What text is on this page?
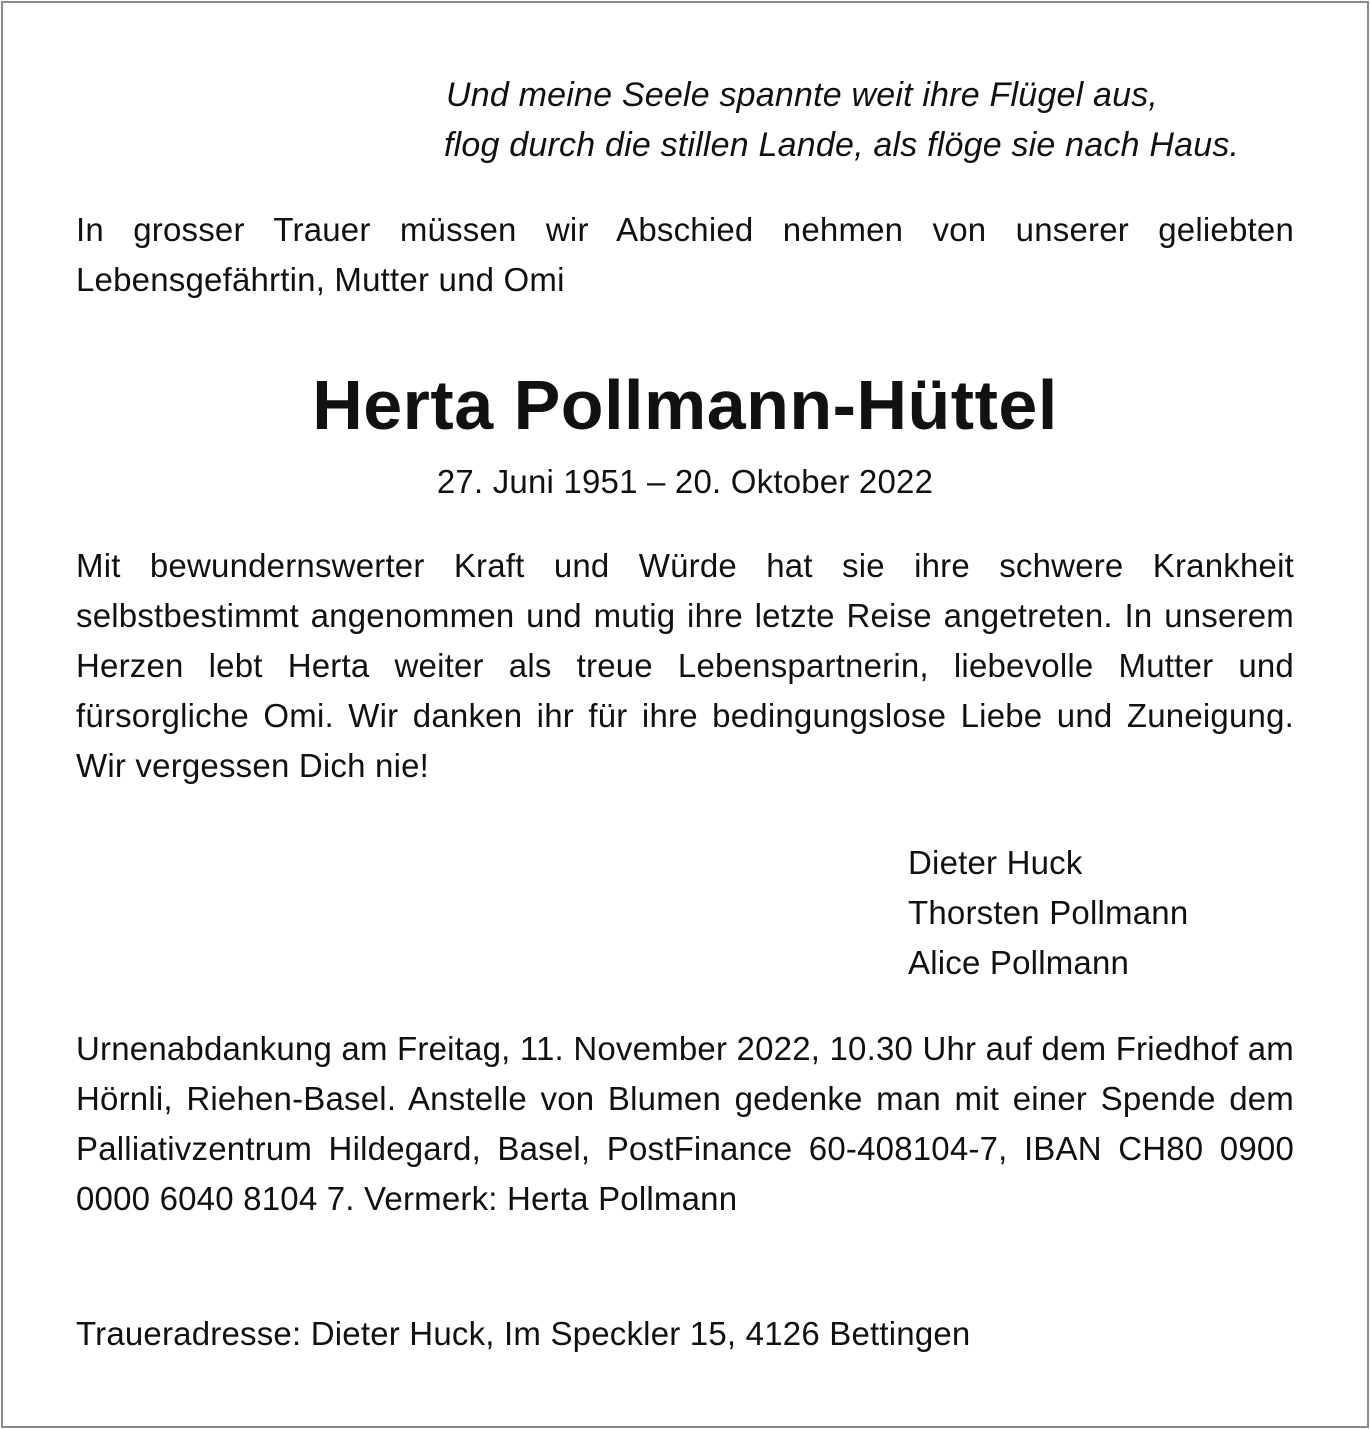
Und meine Seele spannte weit ihre Flügel aus,
flog durch die stillen Lande, als flöge sie nach Haus.
In grosser Trauer müssen wir Abschied nehmen von unserer geliebten Lebensgefährtin, Mutter und Omi
Herta Pollmann-Hüttel
27. Juni 1951 – 20. Oktober 2022
Mit bewundernswerter Kraft und Würde hat sie ihre schwere Krankheit selbstbestimmt angenommen und mutig ihre letzte Reise angetreten. In unserem Herzen lebt Herta weiter als treue Lebenspartnerin, liebevolle Mutter und fürsorgliche Omi. Wir danken ihr für ihre bedingungslose Liebe und Zuneigung. Wir vergessen Dich nie!
Dieter Huck
Thorsten Pollmann
Alice Pollmann
Urnenabdankung am Freitag, 11. November 2022, 10.30 Uhr auf dem Friedhof am Hörnli, Riehen-Basel. Anstelle von Blumen gedenke man mit einer Spende dem Palliativzentrum Hildegard, Basel, PostFinance 60-408104-7, IBAN CH80 0900 0000 6040 8104 7. Vermerk: Herta Pollmann
Traueradresse: Dieter Huck, Im Speckler 15, 4126 Bettingen
